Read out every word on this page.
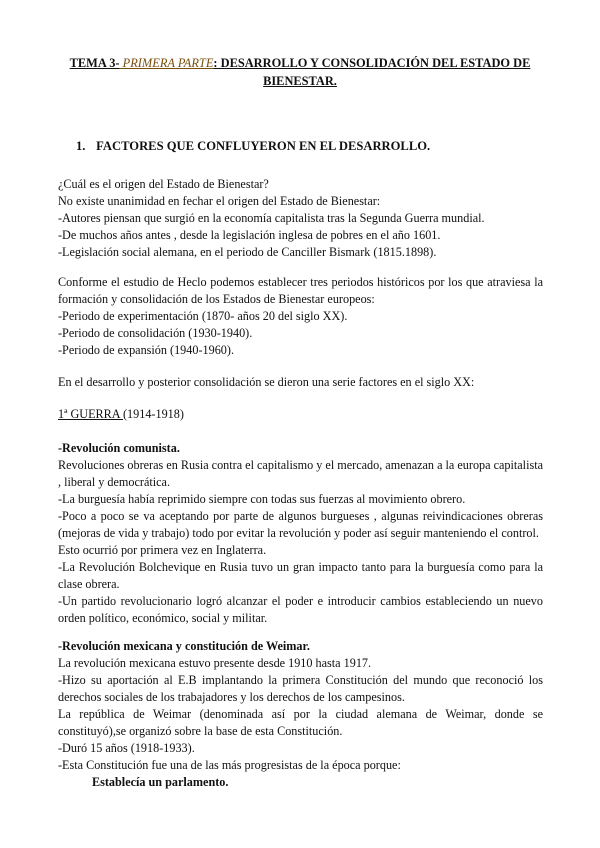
TEMA 3- PRIMERA PARTE: DESARROLLO Y CONSOLIDACIÓN DEL ESTADO DE
BIENESTAR.
1. FACTORES QUE CONFLUYERON EN EL DESARROLLO.
¿Cuál es el origen del Estado de Bienestar?
No existe unanimidad en fechar el origen del Estado de Bienestar:
-Autores piensan que surgió en la economía capitalista tras la Segunda Guerra mundial.
-De muchos años antes , desde la legislación inglesa de pobres en el año 1601.
-Legislación social alemana, en el periodo de Canciller Bismark (1815.1898).
Conforme el estudio de Heclo podemos establecer tres periodos históricos por los que atraviesa la formación y consolidación de los Estados de Bienestar europeos:
-Periodo de experimentación (1870- años 20 del siglo XX).
-Periodo de consolidación (1930-1940).
-Periodo de expansión (1940-1960).
En el desarrollo y posterior consolidación se dieron una serie factores en el siglo XX:
1ª GUERRA (1914-1918)
-Revolución comunista.
Revoluciones obreras en Rusia contra el capitalismo y el mercado, amenazan a la europa capitalista , liberal y democrática.
-La burguesía había reprimido siempre con todas sus fuerzas al movimiento obrero.
-Poco a poco se va aceptando por parte de algunos burgueses , algunas reivindicaciones obreras (mejoras de vida y trabajo) todo por evitar la revolución y poder así seguir manteniendo el control.
Esto ocurrió por primera vez en Inglaterra.
-La Revolución Bolchevique en Rusia tuvo un gran impacto tanto para la burguesía como para la clase obrera.
-Un partido revolucionario logró alcanzar el poder e introducir cambios estableciendo un nuevo orden político, económico, social y militar.
-Revolución mexicana y constitución de Weimar.
La revolución mexicana estuvo presente desde 1910 hasta 1917.
-Hizo su aportación al E.B implantando la primera Constitución del mundo que reconoció los derechos sociales de los trabajadores y los derechos de los campesinos.
La república de Weimar (denominada así por la ciudad alemana de Weimar, donde se constituyó),se organizó sobre la base de esta Constitución.
-Duró 15 años (1918-1933).
-Esta Constitución fue una de las más progresistas de la época porque:
Establecía un parlamento.
